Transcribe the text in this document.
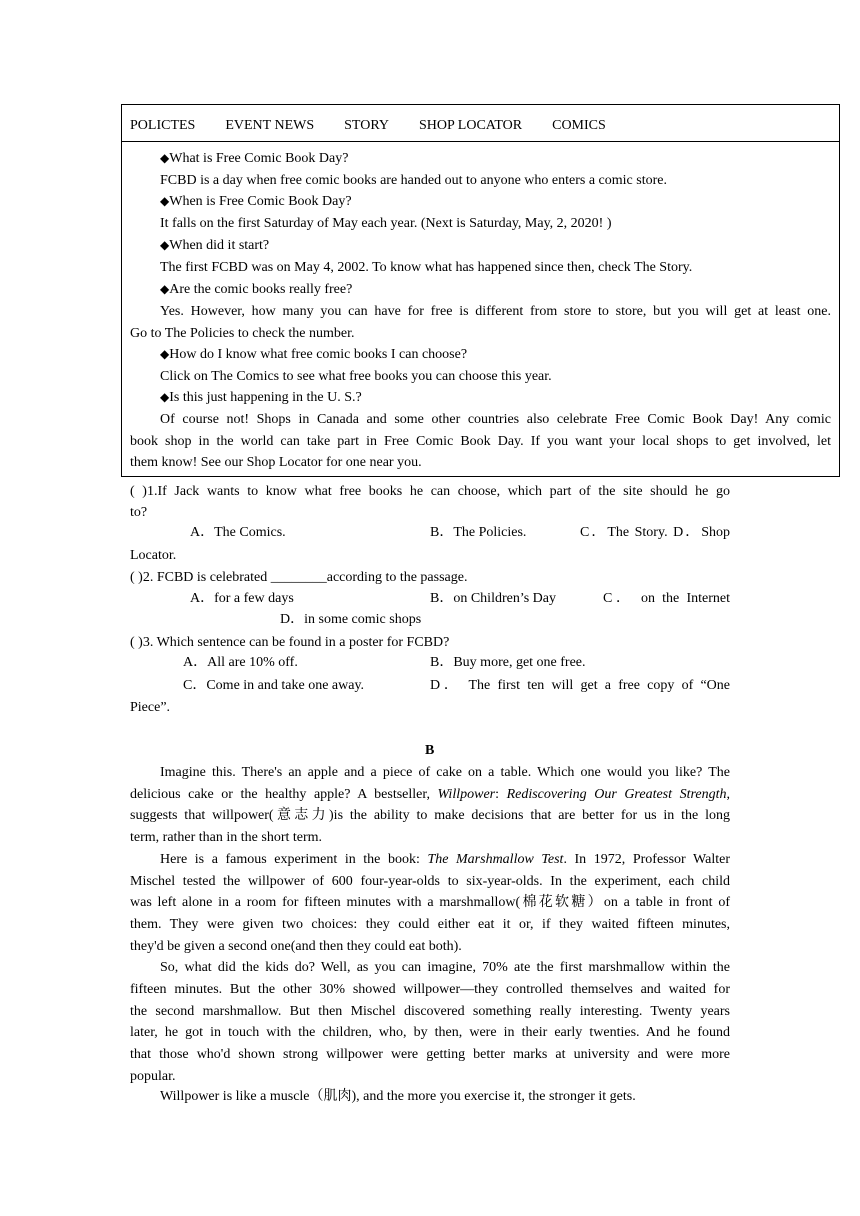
POLICTES EVENT NEWS STORY SHOP LOCATOR COMICS
◆What is Free Comic Book Day?
FCBD is a day when free comic books are handed out to anyone who enters a comic store.
◆When is Free Comic Book Day?
It falls on the first Saturday of May each year. (Next is Saturday, May, 2, 2020! )
◆When did it start?
The first FCBD was on May 4, 2002. To know what has happened since then, check The Story.
◆Are the comic books really free?
Yes. However, how many you can have for free is different from store to store, but you will get at least one.
Go to The Policies to check the number.
◆How do I know what free comic books I can choose?
Click on The Comics to see what free books you can choose this year.
◆Is this just happening in the U. S.?
Of course not! Shops in Canada and some other countries also celebrate Free Comic Book Day! Any comic
book shop in the world can take part in Free Comic Book Day. If you want your local shops to get involved, let
them know! See our Shop Locator for one near you.
( )1.If Jack wants to know what free books he can choose, which part of the site should he go
to?
A．The Comics.	B．The Policies.	C．The Story. D．Shop
Locator.
( )2. FCBD is celebrated ________according to the passage.
A．for a few days	B．on Children’s Day	C． on the Internet
D．in some comic shops
( )3. Which sentence can be found in a poster for FCBD?
A．All are 10% off.	B．Buy more, get one free.
C．Come in and take one away.	D． The first ten will get a free copy of “One
Piece”.
B
Imagine this. There's an apple and a piece of cake on a table. Which one would you like? The
delicious cake or the healthy apple? A bestseller, Willpower: Rediscovering Our Greatest Strength,
suggests that willpower(意志力)is the ability to make decisions that are better for us in the long
term, rather than in the short term.
Here is a famous experiment in the book: The Marshmallow Test. In 1972, Professor Walter
Mischel tested the willpower of 600 four-year-olds to six-year-olds. In the experiment, each child
was left alone in a room for fifteen minutes with a marshmallow(棉花软糖）on a table in front of
them. They were given two choices: they could either eat it or, if they waited fifteen minutes,
they'd be given a second one(and then they could eat both).
So, what did the kids do? Well, as you can imagine, 70% ate the first marshmallow within the
fifteen minutes. But the other 30% showed willpower—they controlled themselves and waited for
the second marshmallow. But then Mischel discovered something really interesting. Twenty years
later, he got in touch with the children, who, by then, were in their early twenties. And he found
that those who'd shown strong willpower were getting better marks at university and were more
popular.
Willpower is like a muscle（肌肉), and the more you exercise it, the stronger it gets.
